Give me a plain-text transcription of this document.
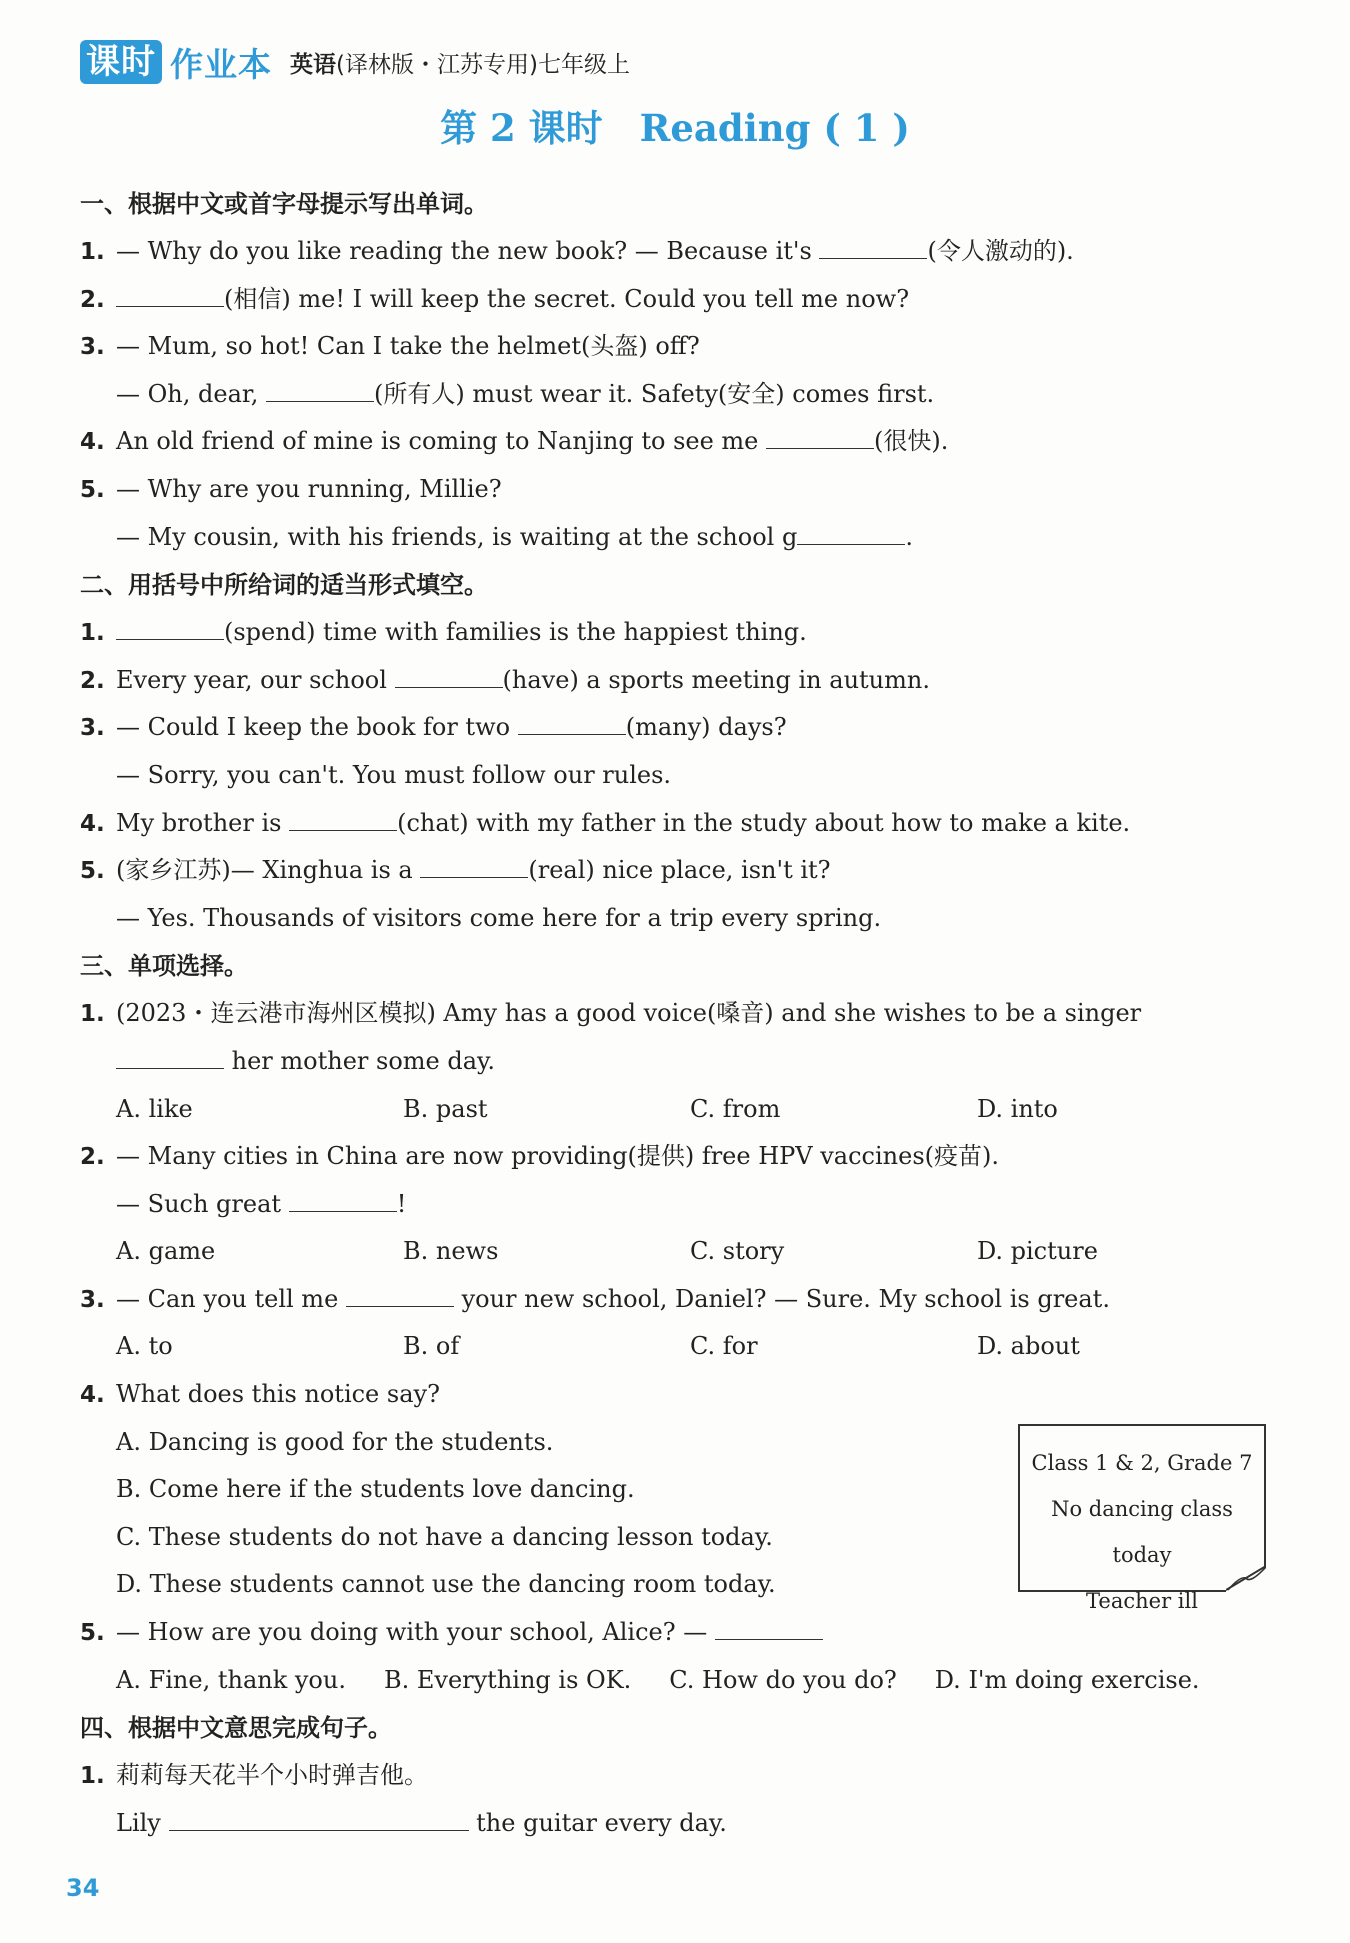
课时 作业本 英语(译林版・江苏专用)七年级上
第 2 课时　Reading ( 1 )
一、根据中文或首字母提示写出单词。
1. — Why do you like reading the new book? — Because it's	(令人激动的).
2.	(相信) me! I will keep the secret. Could you tell me now?
3. — Mum, so hot! Can I take the helmet(头盔) off?
— Oh, dear,	(所有人) must wear it. Safety(安全) comes first.
4. An old friend of mine is coming to Nanjing to see me	(很快).
5. — Why are you running, Millie?
— My cousin, with his friends, is waiting at the school g	.
二、用括号中所给词的适当形式填空。
1.	(spend) time with families is the happiest thing.
2. Every year, our school	(have) a sports meeting in autumn.
3. — Could I keep the book for two	(many) days?
— Sorry, you can't. You must follow our rules.
4. My brother is	(chat) with my father in the study about how to make a kite.
5. (家乡江苏)— Xinghua is a	(real) nice place, isn't it?
— Yes. Thousands of visitors come here for a trip every spring.
三、单项选择。
1. (2023・连云港市海州区模拟) Amy has a good voice(嗓音) and she wishes to be a singer
her mother some day.
A. like	B. past	C. from	D. into
2. — Many cities in China are now providing(提供) free HPV vaccines(疫苗).
— Such great	!
A. game	B. news	C. story	D. picture
3. — Can you tell me	your new school, Daniel? — Sure. My school is great.
A. to	B. of	C. for	D. about
4. What does this notice say?
A. Dancing is good for the students.
B. Come here if the students love dancing.
C. These students do not have a dancing lesson today.
D. These students cannot use the dancing room today.
5. — How are you doing with your school, Alice? —
A. Fine, thank you. B. Everything is OK. C. How do you do? D. I'm doing exercise.
四、根据中文意思完成句子。
1. 莉莉每天花半个小时弹吉他。
Lily	the guitar every day.
Class 1 & 2, Grade 7
No dancing class today
Teacher ill
34
